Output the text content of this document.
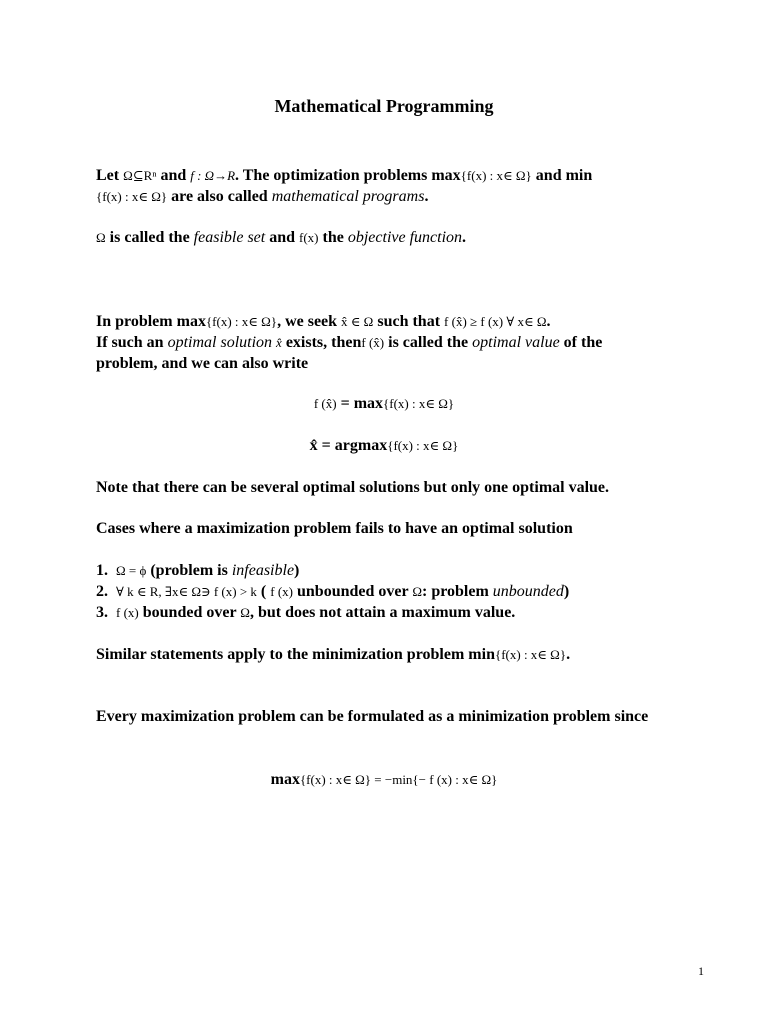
Mathematical Programming
Let Ω⊆Rⁿ and f : Ω→R. The optimization problems max{f(x) : x∈ Ω} and min
{f(x) : x∈ Ω} are also called mathematical programs.
Ω is called the feasible set and f(x) the objective function.
In problem max{f(x) : x∈ Ω}, we seek x̂ ∈ Ω such that f (x̂) ≥ f (x) ∀ x∈ Ω.
If such an optimal solution x̂ exists, thenf (x̂) is called the optimal value of the
problem, and we can also write
f (x̂) = max{f(x) : x∈ Ω}
x̂ = argmax{f(x) : x∈ Ω}
Note that there can be several optimal solutions but only one optimal value.
Cases where a maximization problem fails to have an optimal solution
1. Ω = ϕ (problem is infeasible)
2. ∀ k ∈ R, ∃x∈ Ω∋ f (x) > k ( f (x) unbounded over Ω: problem unbounded)
3. f (x) bounded over Ω, but does not attain a maximum value.
Similar statements apply to the minimization problem min{f(x) : x∈ Ω}.
Every maximization problem can be formulated as a minimization problem since
max{f(x) : x∈ Ω} = −min{− f (x) : x∈ Ω}
1
